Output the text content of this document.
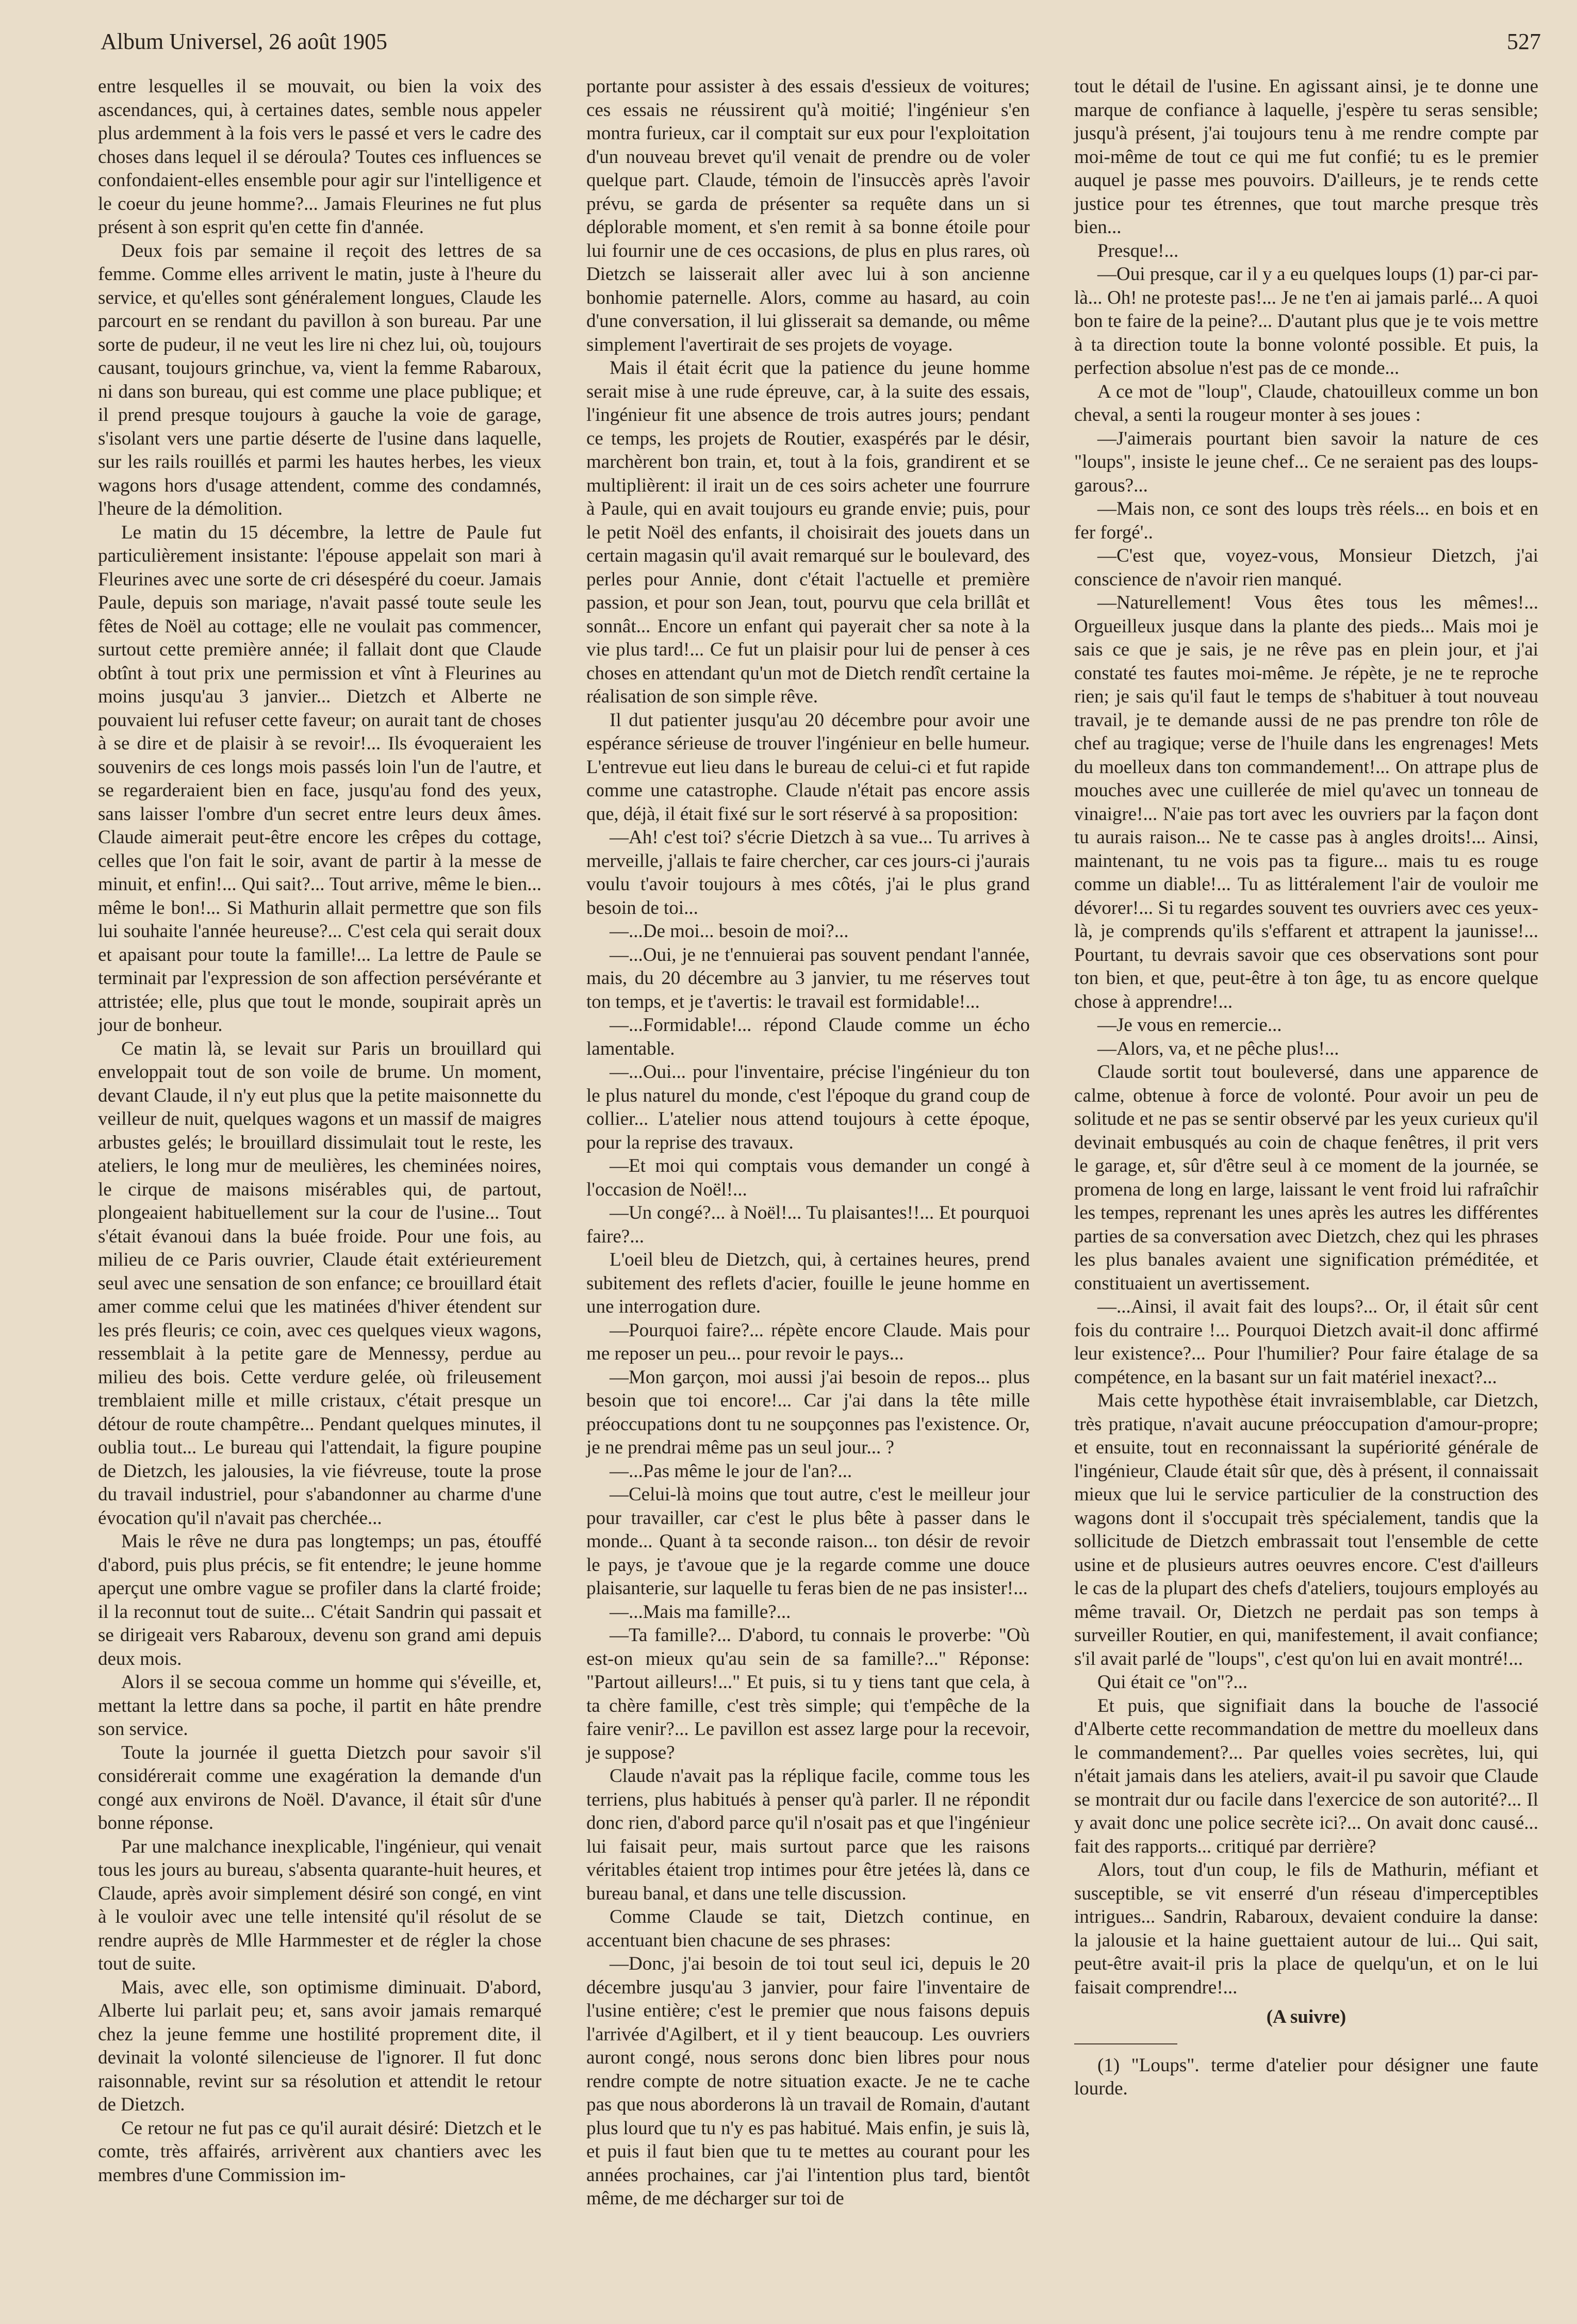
Album Universel, 26 août 1905	527

entre lesquelles il se mouvait, ou bien la voix des ascendances, qui, à certaines dates, semble nous appeler plus ardemment à la fois vers le passé et vers le cadre des choses dans lequel il se déroula? Toutes ces influences se confondaient-elles ensemble pour agir sur l'intelligence et le coeur du jeune homme?... Jamais Fleurines ne fut plus présent à son esprit qu'en cette fin d'année.

Deux fois par semaine il reçoit des lettres de sa femme. Comme elles arrivent le matin, juste à l'heure du service, et qu'elles sont généralement longues, Claude les parcourt en se rendant du pavillon à son bureau. Par une sorte de pudeur, il ne veut les lire ni chez lui, où, toujours causant, toujours grinchue, va, vient la femme Rabaroux, ni dans son bureau, qui est comme une place publique; et il prend presque toujours à gauche la voie de garage, s'isolant vers une partie déserte de l'usine dans laquelle, sur les rails rouillés et parmi les hautes herbes, les vieux wagons hors d'usage attendent, comme des condamnés, l'heure de la démolition.

Le matin du 15 décembre, la lettre de Paule fut particulièrement insistante: l'épouse appelait son mari à Fleurines avec une sorte de cri désespéré du coeur. Jamais Paule, depuis son mariage, n'avait passé toute seule les fêtes de Noël au cottage; elle ne voulait pas commencer, surtout cette première année; il fallait dont que Claude obtînt à tout prix une permission et vînt à Fleurines au moins jusqu'au 3 janvier... Dietzch et Alberte ne pouvaient lui refuser cette faveur; on aurait tant de choses à se dire et de plaisir à se revoir!... Ils évoqueraient les souvenirs de ces longs mois passés loin l'un de l'autre, et se regarderaient bien en face, jusqu'au fond des yeux, sans laisser l'ombre d'un secret entre leurs deux âmes. Claude aimerait peut-être encore les crêpes du cottage, celles que l'on fait le soir, avant de partir à la messe de minuit, et enfin!... Qui sait?... Tout arrive, même le bien... même le bon!... Si Mathurin allait permettre que son fils lui souhaite l'année heureuse?... C'est cela qui serait doux et apaisant pour toute la famille!... La lettre de Paule se terminait par l'expression de son affection persévérante et attristée; elle, plus que tout le monde, soupirait après un jour de bonheur.

Ce matin là, se levait sur Paris un brouillard qui enveloppait tout de son voile de brume. Un moment, devant Claude, il n'y eut plus que la petite maisonnette du veilleur de nuit, quelques wagons et un massif de maigres arbustes gelés; le brouillard dissimulait tout le reste, les ateliers, le long mur de meulières, les cheminées noires, le cirque de maisons misérables qui, de partout, plongeaient habituellement sur la cour de l'usine... Tout s'était évanoui dans la buée froide. Pour une fois, au milieu de ce Paris ouvrier, Claude était extérieurement seul avec une sensation de son enfance; ce brouillard était amer comme celui que les matinées d'hiver étendent sur les prés fleuris; ce coin, avec ces quelques vieux wagons, ressemblait à la petite gare de Mennessy, perdue au milieu des bois. Cette verdure gelée, où frileusement tremblaient mille et mille cristaux, c'était presque un détour de route champêtre... Pendant quelques minutes, il oublia tout... Le bureau qui l'attendait, la figure poupine de Dietzch, les jalousies, la vie fiévreuse, toute la prose du travail industriel, pour s'abandonner au charme d'une évocation qu'il n'avait pas cherchée...

Mais le rêve ne dura pas longtemps; un pas, étouffé d'abord, puis plus précis, se fit entendre; le jeune homme aperçut une ombre vague se profiler dans la clarté froide; il la reconnut tout de suite... C'était Sandrin qui passait et se dirigeait vers Rabaroux, devenu son grand ami depuis deux mois.

Alors il se secoua comme un homme qui s'éveille, et, mettant la lettre dans sa poche, il partit en hâte prendre son service.

Toute la journée il guetta Dietzch pour savoir s'il considérerait comme une exagération la demande d'un congé aux environs de Noël. D'avance, il était sûr d'une bonne réponse.

Par une malchance inexplicable, l'ingénieur, qui venait tous les jours au bureau, s'absenta quarante-huit heures, et Claude, après avoir simplement désiré son congé, en vint à le vouloir avec une telle intensité qu'il résolut de se rendre auprès de Mlle Harmmester et de régler la chose tout de suite.

Mais, avec elle, son optimisme diminuait. D'abord, Alberte lui parlait peu; et, sans avoir jamais remarqué chez la jeune femme une hostilité proprement dite, il devinait la volonté silencieuse de l'ignorer. Il fut donc raisonnable, revint sur sa résolution et attendit le retour de Dietzch.

Ce retour ne fut pas ce qu'il aurait désiré: Dietzch et le comte, très affairés, arrivèrent aux chantiers avec les membres d'une Commission im-

portante pour assister à des essais d'essieux de voitures; ces essais ne réussirent qu'à moitié; l'ingénieur s'en montra furieux, car il comptait sur eux pour l'exploitation d'un nouveau brevet qu'il venait de prendre ou de voler quelque part. Claude, témoin de l'insuccès après l'avoir prévu, se garda de présenter sa requête dans un si déplorable moment, et s'en remit à sa bonne étoile pour lui fournir une de ces occasions, de plus en plus rares, où Dietzch se laisserait aller avec lui à son ancienne bonhomie paternelle. Alors, comme au hasard, au coin d'une conversation, il lui glisserait sa demande, ou même simplement l'avertirait de ses projets de voyage.

Mais il était écrit que la patience du jeune homme serait mise à une rude épreuve, car, à la suite des essais, l'ingénieur fit une absence de trois autres jours; pendant ce temps, les projets de Routier, exaspérés par le désir, marchèrent bon train, et, tout à la fois, grandirent et se multiplièrent: il irait un de ces soirs acheter une fourrure à Paule, qui en avait toujours eu grande envie; puis, pour le petit Noël des enfants, il choisirait des jouets dans un certain magasin qu'il avait remarqué sur le boulevard, des perles pour Annie, dont c'était l'actuelle et première passion, et pour son Jean, tout, pourvu que cela brillât et sonnât... Encore un enfant qui payerait cher sa note à la vie plus tard!... Ce fut un plaisir pour lui de penser à ces choses en attendant qu'un mot de Dietch rendît certaine la réalisation de son simple rêve.

Il dut patienter jusqu'au 20 décembre pour avoir une espérance sérieuse de trouver l'ingénieur en belle humeur. L'entrevue eut lieu dans le bureau de celui-ci et fut rapide comme une catastrophe. Claude n'était pas encore assis que, déjà, il était fixé sur le sort réservé à sa proposition:

—Ah! c'est toi? s'écrie Dietzch à sa vue... Tu arrives à merveille, j'allais te faire chercher, car ces jours-ci j'aurais voulu t'avoir toujours à mes côtés, j'ai le plus grand besoin de toi...

—...De moi... besoin de moi?...

—...Oui, je ne t'ennuierai pas souvent pendant l'année, mais, du 20 décembre au 3 janvier, tu me réserves tout ton temps, et je t'avertis: le travail est formidable!...

—...Formidable!... répond Claude comme un écho lamentable.

—...Oui... pour l'inventaire, précise l'ingénieur du ton le plus naturel du monde, c'est l'époque du grand coup de collier... L'atelier nous attend toujours à cette époque, pour la reprise des travaux.

—Et moi qui comptais vous demander un congé à l'occasion de Noël!...

—Un congé?... à Noël!... Tu plaisantes!!... Et pourquoi faire?...

L'oeil bleu de Dietzch, qui, à certaines heures, prend subitement des reflets d'acier, fouille le jeune homme en une interrogation dure.

—Pourquoi faire?... répète encore Claude. Mais pour me reposer un peu... pour revoir le pays...

—Mon garçon, moi aussi j'ai besoin de repos... plus besoin que toi encore!... Car j'ai dans la tête mille préoccupations dont tu ne soupçonnes pas l'existence. Or, je ne prendrai même pas un seul jour... ?

—...Pas même le jour de l'an?...

—Celui-là moins que tout autre, c'est le meilleur jour pour travailler, car c'est le plus bête à passer dans le monde... Quant à ta seconde raison... ton désir de revoir le pays, je t'avoue que je la regarde comme une douce plaisanterie, sur laquelle tu feras bien de ne pas insister!...

—...Mais ma famille?...

—Ta famille?... D'abord, tu connais le proverbe: "Où est-on mieux qu'au sein de sa famille?..." Réponse: "Partout ailleurs!..." Et puis, si tu y tiens tant que cela, à ta chère famille, c'est très simple; qui t'empêche de la faire venir?... Le pavillon est assez large pour la recevoir, je suppose?

Claude n'avait pas la réplique facile, comme tous les terriens, plus habitués à penser qu'à parler. Il ne répondit donc rien, d'abord parce qu'il n'osait pas et que l'ingénieur lui faisait peur, mais surtout parce que les raisons véritables étaient trop intimes pour être jetées là, dans ce bureau banal, et dans une telle discussion.

Comme Claude se tait, Dietzch continue, en accentuant bien chacune de ses phrases:

—Donc, j'ai besoin de toi tout seul ici, depuis le 20 décembre jusqu'au 3 janvier, pour faire l'inventaire de l'usine entière; c'est le premier que nous faisons depuis l'arrivée d'Agilbert, et il y tient beaucoup. Les ouvriers auront congé, nous serons donc bien libres pour nous rendre compte de notre situation exacte. Je ne te cache pas que nous aborderons là un travail de Romain, d'autant plus lourd que tu n'y es pas habitué. Mais enfin, je suis là, et puis il faut bien que tu te mettes au courant pour les années prochaines, car j'ai l'intention plus tard, bientôt même, de me décharger sur toi de

tout le détail de l'usine. En agissant ainsi, je te donne une marque de confiance à laquelle, j'espère tu seras sensible; jusqu'à présent, j'ai toujours tenu à me rendre compte par moi-même de tout ce qui me fut confié; tu es le premier auquel je passe mes pouvoirs. D'ailleurs, je te rends cette justice pour tes étrennes, que tout marche presque très bien...

Presque!...

—Oui presque, car il y a eu quelques loups (1) par-ci par-là... Oh! ne proteste pas!... Je ne t'en ai jamais parlé... A quoi bon te faire de la peine?... D'autant plus que je te vois mettre à ta direction toute la bonne volonté possible. Et puis, la perfection absolue n'est pas de ce monde...

A ce mot de "loup", Claude, chatouilleux comme un bon cheval, a senti la rougeur monter à ses joues :

—J'aimerais pourtant bien savoir la nature de ces "loups", insiste le jeune chef... Ce ne seraient pas des loups-garous?...

—Mais non, ce sont des loups très réels... en bois et en fer forgé'..

—C'est que, voyez-vous, Monsieur Dietzch, j'ai conscience de n'avoir rien manqué.

—Naturellement! Vous êtes tous les mêmes!... Orgueilleux jusque dans la plante des pieds... Mais moi je sais ce que je sais, je ne rêve pas en plein jour, et j'ai constaté tes fautes moi-même. Je répète, je ne te reproche rien; je sais qu'il faut le temps de s'habituer à tout nouveau travail, je te demande aussi de ne pas prendre ton rôle de chef au tragique; verse de l'huile dans les engrenages! Mets du moelleux dans ton commandement!... On attrape plus de mouches avec une cuillerée de miel qu'avec un tonneau de vinaigre!... N'aie pas tort avec les ouvriers par la façon dont tu aurais raison... Ne te casse pas à angles droits!... Ainsi, maintenant, tu ne vois pas ta figure... mais tu es rouge comme un diable!... Tu as littéralement l'air de vouloir me dévorer!... Si tu regardes souvent tes ouvriers avec ces yeux-là, je comprends qu'ils s'effarent et attrapent la jaunisse!... Pourtant, tu devrais savoir que ces observations sont pour ton bien, et que, peut-être à ton âge, tu as encore quelque chose à apprendre!...

—Je vous en remercie...

—Alors, va, et ne pêche plus!...

Claude sortit tout bouleversé, dans une apparence de calme, obtenue à force de volonté. Pour avoir un peu de solitude et ne pas se sentir observé par les yeux curieux qu'il devinait embusqués au coin de chaque fenêtres, il prit vers le garage, et, sûr d'être seul à ce moment de la journée, se promena de long en large, laissant le vent froid lui rafraîchir les tempes, reprenant les unes après les autres les différentes parties de sa conversation avec Dietzch, chez qui les phrases les plus banales avaient une signification préméditée, et constituaient un avertissement.

—...Ainsi, il avait fait des loups?... Or, il était sûr cent fois du contraire !... Pourquoi Dietzch avait-il donc affirmé leur existence?... Pour l'humilier? Pour faire étalage de sa compétence, en la basant sur un fait matériel inexact?...

Mais cette hypothèse était invraisemblable, car Dietzch, très pratique, n'avait aucune préoccupation d'amour-propre; et ensuite, tout en reconnaissant la supériorité générale de l'ingénieur, Claude était sûr que, dès à présent, il connaissait mieux que lui le service particulier de la construction des wagons dont il s'occupait très spécialement, tandis que la sollicitude de Dietzch embrassait tout l'ensemble de cette usine et de plusieurs autres oeuvres encore. C'est d'ailleurs le cas de la plupart des chefs d'ateliers, toujours employés au même travail. Or, Dietzch ne perdait pas son temps à surveiller Routier, en qui, manifestement, il avait confiance; s'il avait parlé de "loups", c'est qu'on lui en avait montré!...

Qui était ce "on"?...

Et puis, que signifiait dans la bouche de l'associé d'Alberte cette recommandation de mettre du moelleux dans le commandement?... Par quelles voies secrètes, lui, qui n'était jamais dans les ateliers, avait-il pu savoir que Claude se montrait dur ou facile dans l'exercice de son autorité?... Il y avait donc une police secrète ici?... On avait donc causé... fait des rapports... critiqué par derrière?

Alors, tout d'un coup, le fils de Mathurin, méfiant et susceptible, se vit enserré d'un réseau d'imperceptibles intrigues... Sandrin, Rabaroux, devaient conduire la danse: la jalousie et la haine guettaient autour de lui... Qui sait, peut-être avait-il pris la place de quelqu'un, et on le lui faisait comprendre!...

(A suivre)

(1) "Loups". terme d'atelier pour désigner une faute lourde.
